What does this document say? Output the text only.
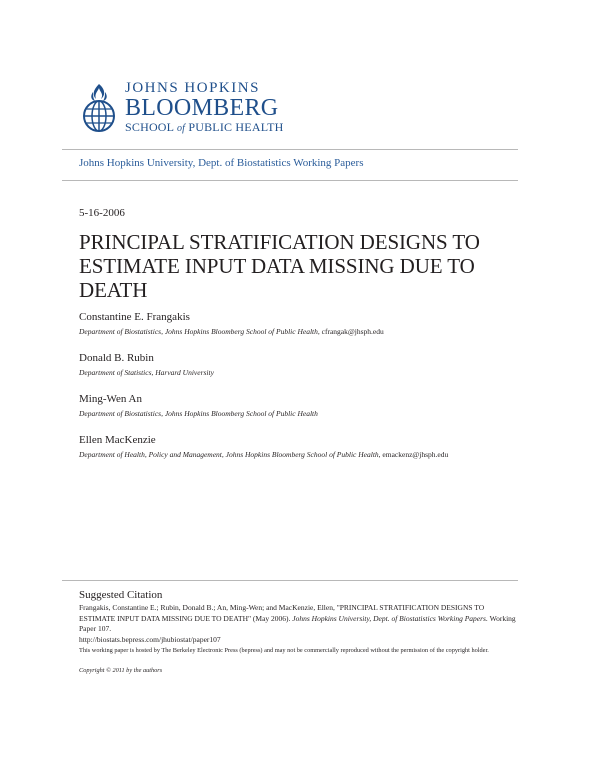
JOHNS HOPKINS
BLOOMBERG
SCHOOL of PUBLIC HEALTH
Johns Hopkins University, Dept. of Biostatistics Working Papers
5-16-2006
PRINCIPAL STRATIFICATION DESIGNS TO ESTIMATE INPUT DATA MISSING DUE TO DEATH
Constantine E. Frangakis
Department of Biostatistics, Johns Hopkins Bloomberg School of Public Health, cfrangak@jhsph.edu
Donald B. Rubin
Department of Statistics, Harvard University
Ming-Wen An
Department of Biostatistics, Johns Hopkins Bloomberg School of Public Health
Ellen MacKenzie
Department of Health, Policy and Management, Johns Hopkins Bloomberg School of Public Health, emackenz@jhsph.edu
Suggested Citation
Frangakis, Constantine E.; Rubin, Donald B.; An, Ming-Wen; and MacKenzie, Ellen, "PRINCIPAL STRATIFICATION DESIGNS TO ESTIMATE INPUT DATA MISSING DUE TO DEATH" (May 2006). Johns Hopkins University, Dept. of Biostatistics Working Papers. Working Paper 107.
http://biostats.bepress.com/jhubiostat/paper107
This working paper is hosted by The Berkeley Electronic Press (bepress) and may not be commercially reproduced without the permission of the copyright holder.
Copyright © 2011 by the authors
